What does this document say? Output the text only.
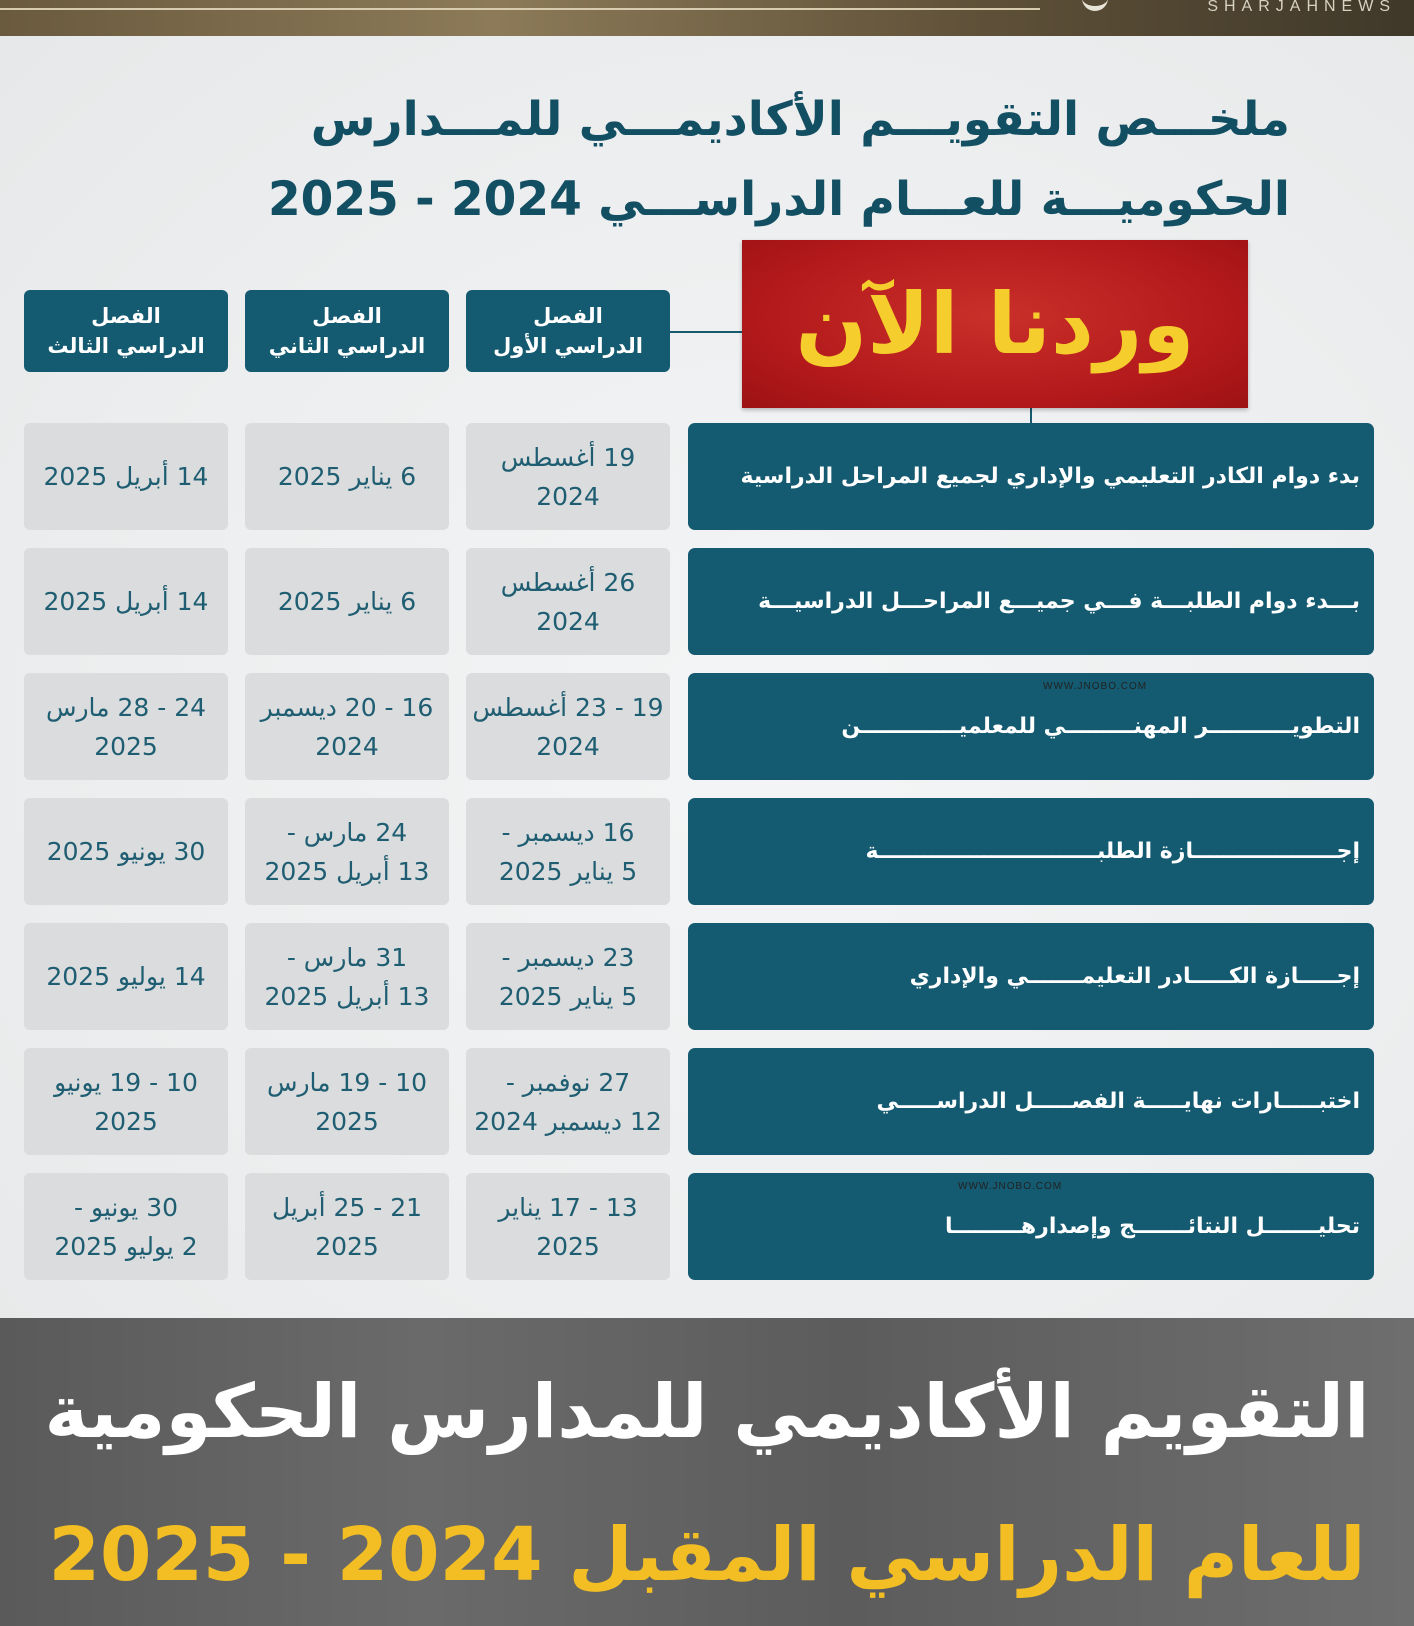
SHARJAHNEWS
ملخـــص التقويـــم الأكاديمـــي للمـــدارس
الحكوميـــة للعـــام الدراســـي 2024 - 2025
وردنا الآن
الفصل
الدراسي الأول
الفصل
الدراسي الثاني
الفصل
الدراسي الثالث
بدء دوام الكادر التعليمي والإداري لجميع المراحل الدراسية
19 أغسطس
2024
6 يناير 2025
14 أبريل 2025
بـــدء دوام الطلبـــة فـــي جميـــع المراحـــل الدراسيـــة
26 أغسطس
2024
6 يناير 2025
14 أبريل 2025
التطويـــــــــــر المهنـــــــــي للمعلميـــــــــــــن
19 - 23 أغسطس
2024
16 - 20 ديسمبر
2024
24 - 28 مارس
2025
إجـــــــــــــــــــازة الطلبـــــــــــــــــــــــــــــة
16 ديسمبر -
5 يناير 2025
24 مارس -
13 أبريل 2025
30 يونيو 2025
إجـــــازة الكـــــادر التعليمـــــــي والإداري
23 ديسمبر -
5 يناير 2025
31 مارس -
13 أبريل 2025
14 يوليو 2025
اختبـــــارات نهايـــــة الفصـــــل الدراســـــي
27 نوفمبر -
12 ديسمبر 2024
10 - 19 مارس
2025
10 - 19 يونيو
2025
تحليـــــــل النتائـــــــج وإصدارهـــــــــا
13 - 17 يناير
2025
21 - 25 أبريل
2025
30 يونيو -
2 يوليو 2025
WWW.JNOBO.COM
WWW.JNOBO.COM
التقويم الأكاديمي للمدارس الحكومية
للعام الدراسي المقبل 2024 - 2025
